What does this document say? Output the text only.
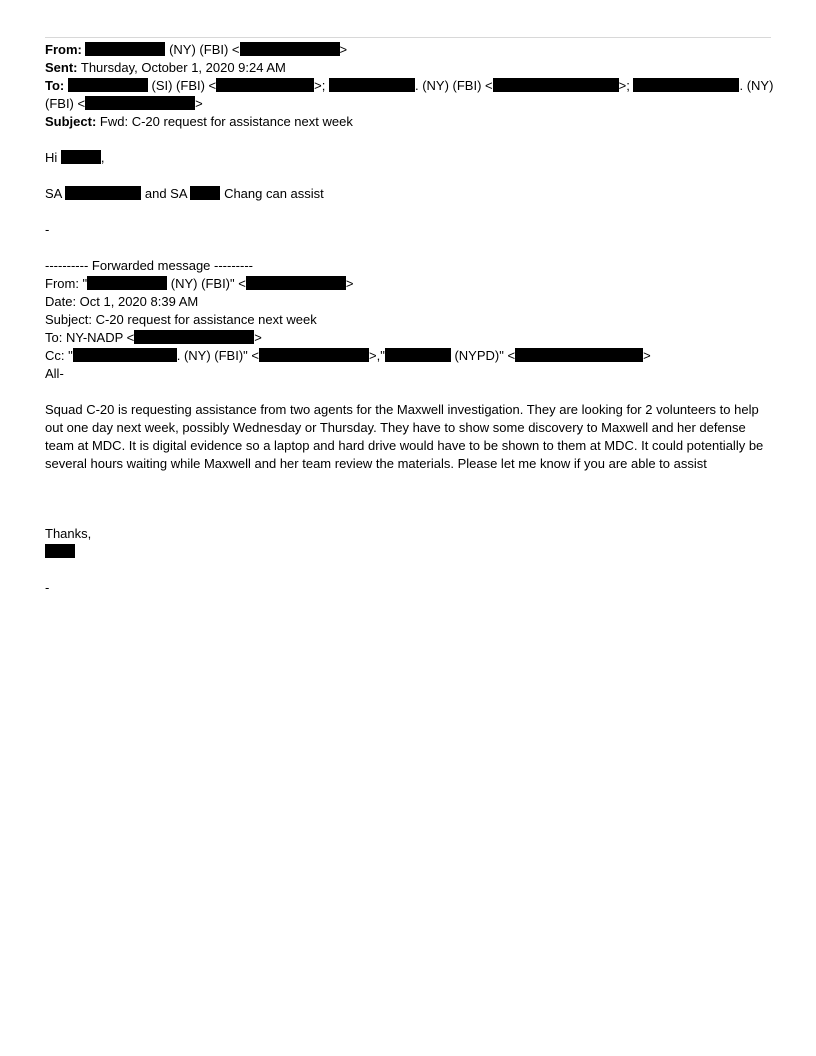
From:	(NY) (FBI) <	>
Sent: Thursday, October 1, 2020 9:24 AM
To:	(SI) (FBI) <	>;	. (NY) (FBI) <	>;	. (NY)
(FBI) <	>
Subject: Fwd: C-20 request for assistance next week
Hi	,
SA	and SA	Chang can assist
-
---------- Forwarded message ---------
From: "	(NY) (FBI)" <	>
Date: Oct 1, 2020 8:39 AM
Subject: C-20 request for assistance next week
To: NY-NADP <	>
Cc: "	. (NY) (FBI)" <	>,"	(NYPD)" <	>
All-
Squad C-20 is requesting assistance from two agents for the Maxwell investigation. They are looking for 2 volunteers to help out one day next week, possibly Wednesday or Thursday. They have to show some discovery to Maxwell and her defense team at MDC. It is digital evidence so a laptop and hard drive would have to be shown to them at MDC. It could potentially be several hours waiting while Maxwell and her team review the materials. Please let me know if you are able to assist
Thanks,
-
